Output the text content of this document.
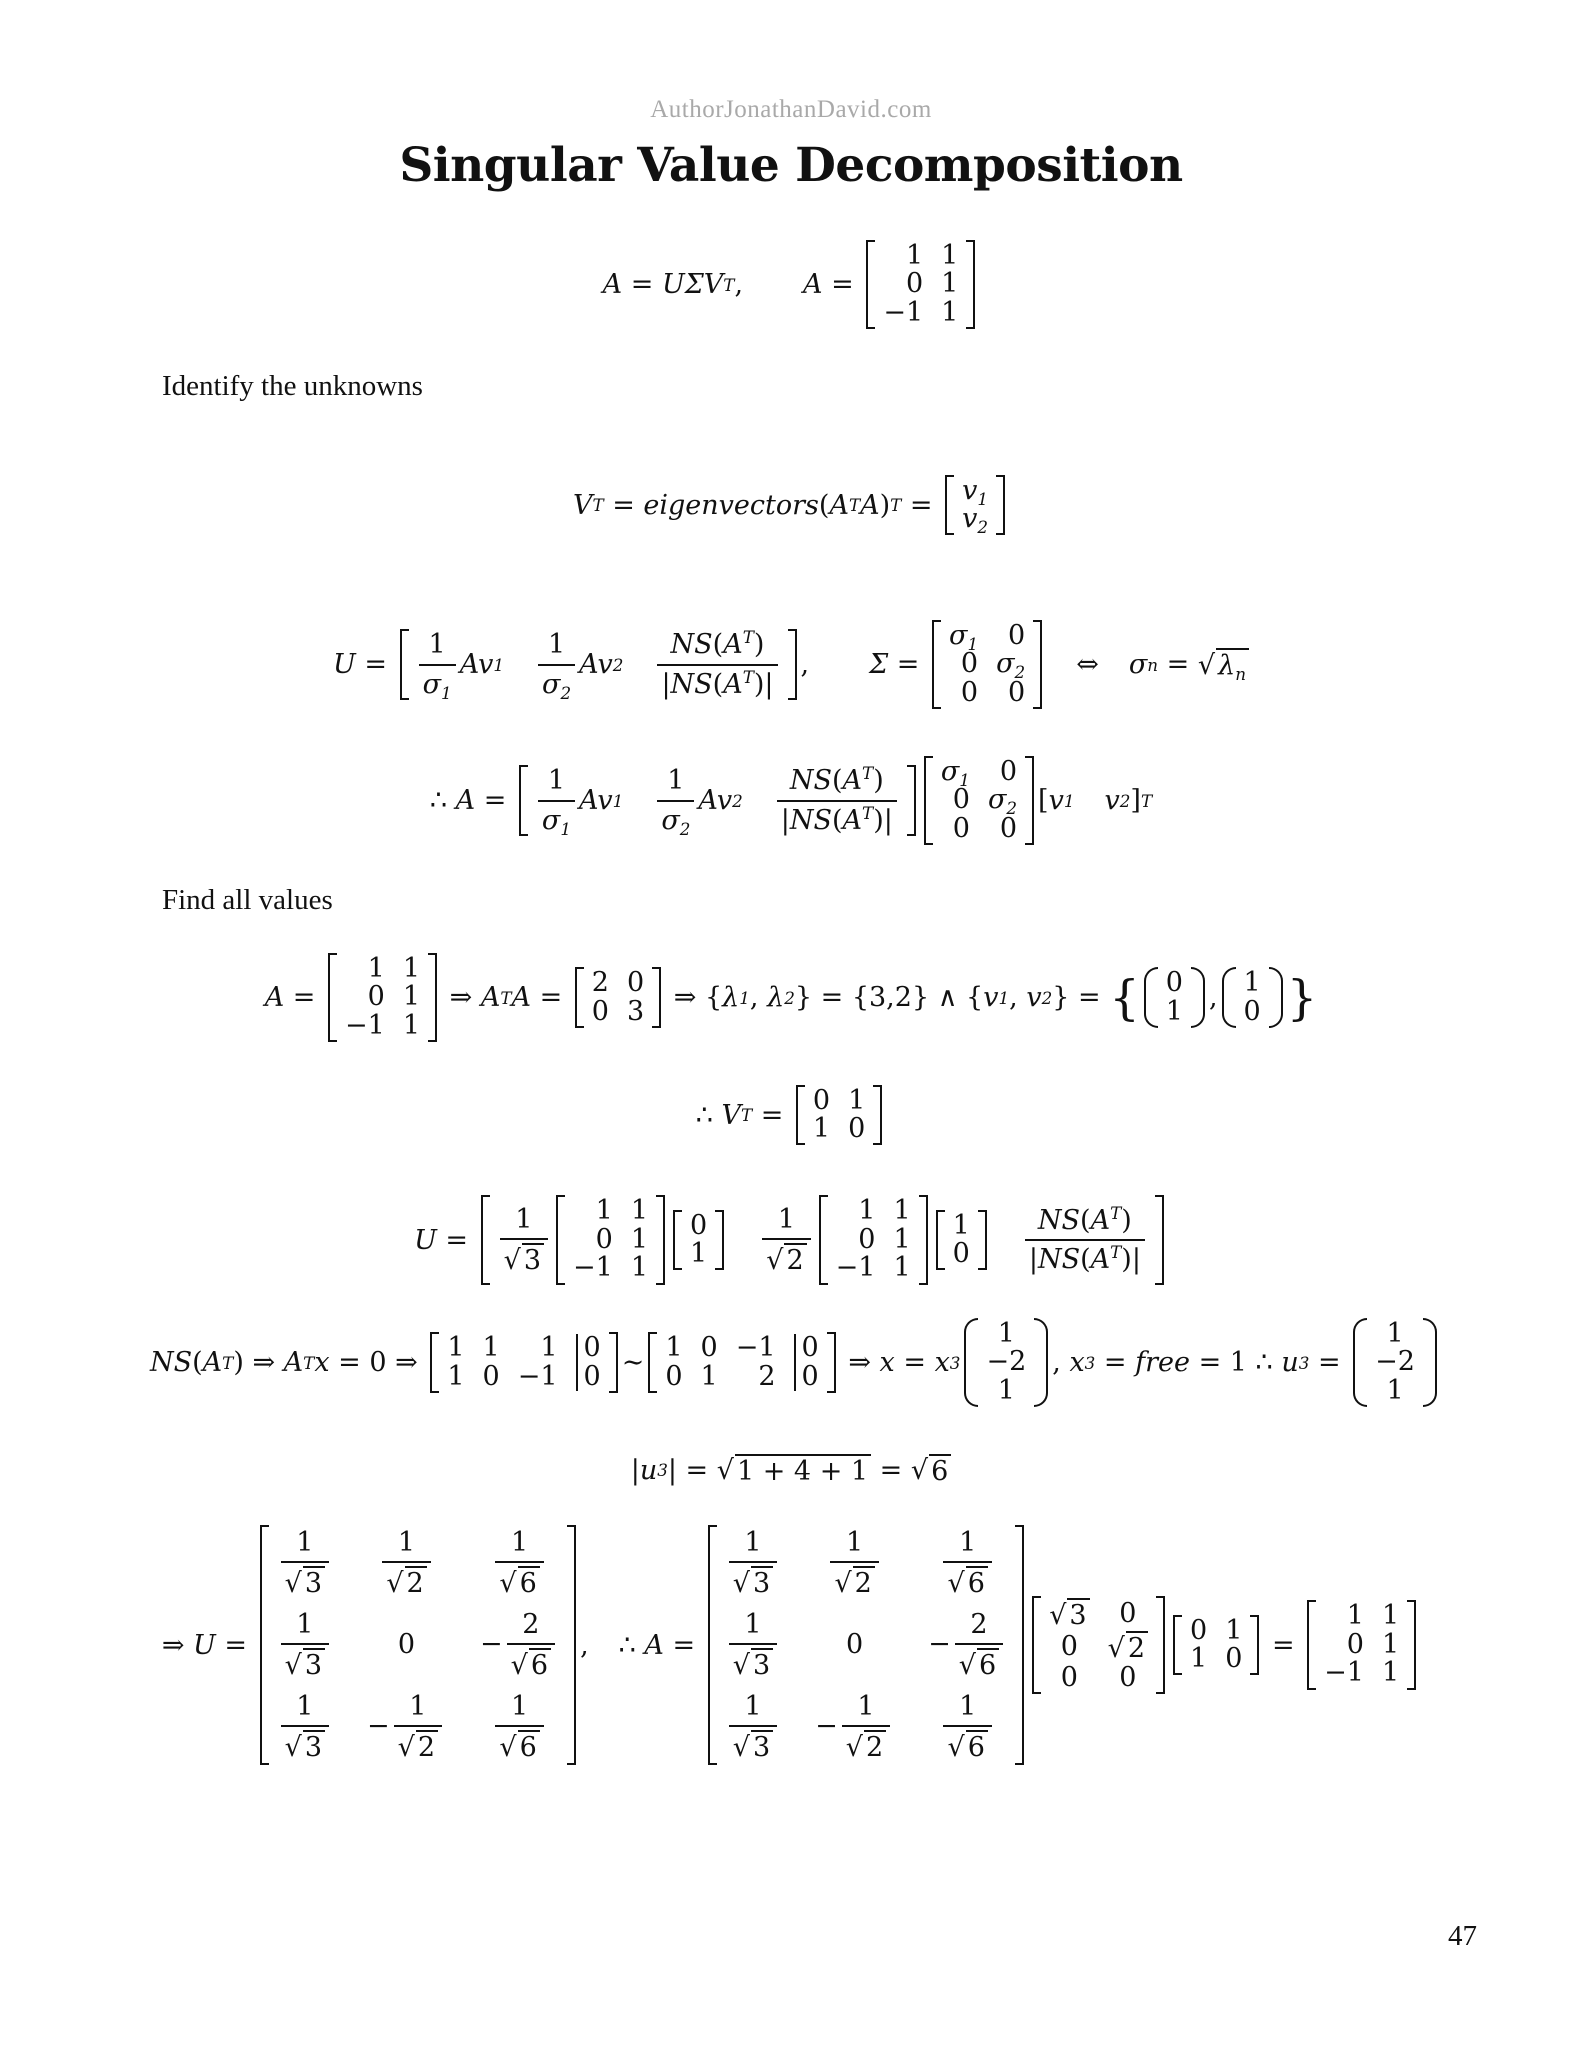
AuthorJonathanDavid.com
Singular Value Decomposition
A = UΣV T , A =
1 1
0 1
−1 1
Identify the unknowns
V T = eigenvectors ( A T A ) $T = v_1$
$v_2$
$U = \frac{1}{\sigma_1}$ Av $1 \frac{1}{\sigma_2}$ Av $2 \frac{NS(A^T)}{|NS(A^T)|}$ , Σ =
$\sigma_1$ 0
0 $\sigma_2$
0 0
⇔ σ n = √ $\lambda_n$
∴ $A = \frac{1}{\sigma_1}$ Av $1 \frac{1}{\sigma_2}$ Av $2 \frac{NS(A^T)}{|NS(A^T)|} \sigma_1$ 0
0 $\sigma_2$
0 0
[ v 1 v 2 ] T
Find all values
A =
1 1
0 1
−1 1
⇒ A T A = 2 0
0 3 ⇒ { λ 1 , λ 2 } = {3,2} ∧ { v 1 , v 2 } = { 0
1 , 1
0 }
∴ V T = 0 1
1 0
$U = \frac{1}{√ 3} 1$ 1
0 1
−1 1
0
$1 \frac{1}{√ 2} 1$ 1
0 1
−1 1
1
$0 \frac{NS(A^T)}{|NS(A^T)|}$
NS ( A T ) ⇒ A T x = 0 ⇒ 1 1 1 0
1 0 −1 0 ∼ 1 0 −1 0
0 1 2 0 ⇒ x = x 3
1
−2
1
, x 3 = free = 1 ∴ u 3 =
1
−2
1
| u 3 | = √ 1 + 4 + 1 = √ 6
⇒ U =
$\frac{1}{√ 3} \frac{1}{√ 2} \frac{1}{√ 6}$
$\frac{1}{√ 3}$	$0 - \frac{2}{√ 6}$
$\frac{1}{√ 3} - \frac{1}{√ 2} \frac{1}{√ 6}$
, ∴ A =
$\frac{1}{√ 3} \frac{1}{√ 2} \frac{1}{√ 6}$
$\frac{1}{√ 3}$	$0 - \frac{2}{√ 6}$
$\frac{1}{√ 3} - \frac{1}{√ 2} \frac{1}{√ 6}$
√ 3 0
0 √ 2
0 0
0 1
1 0 =
1 1
0 1
−1 1
47
